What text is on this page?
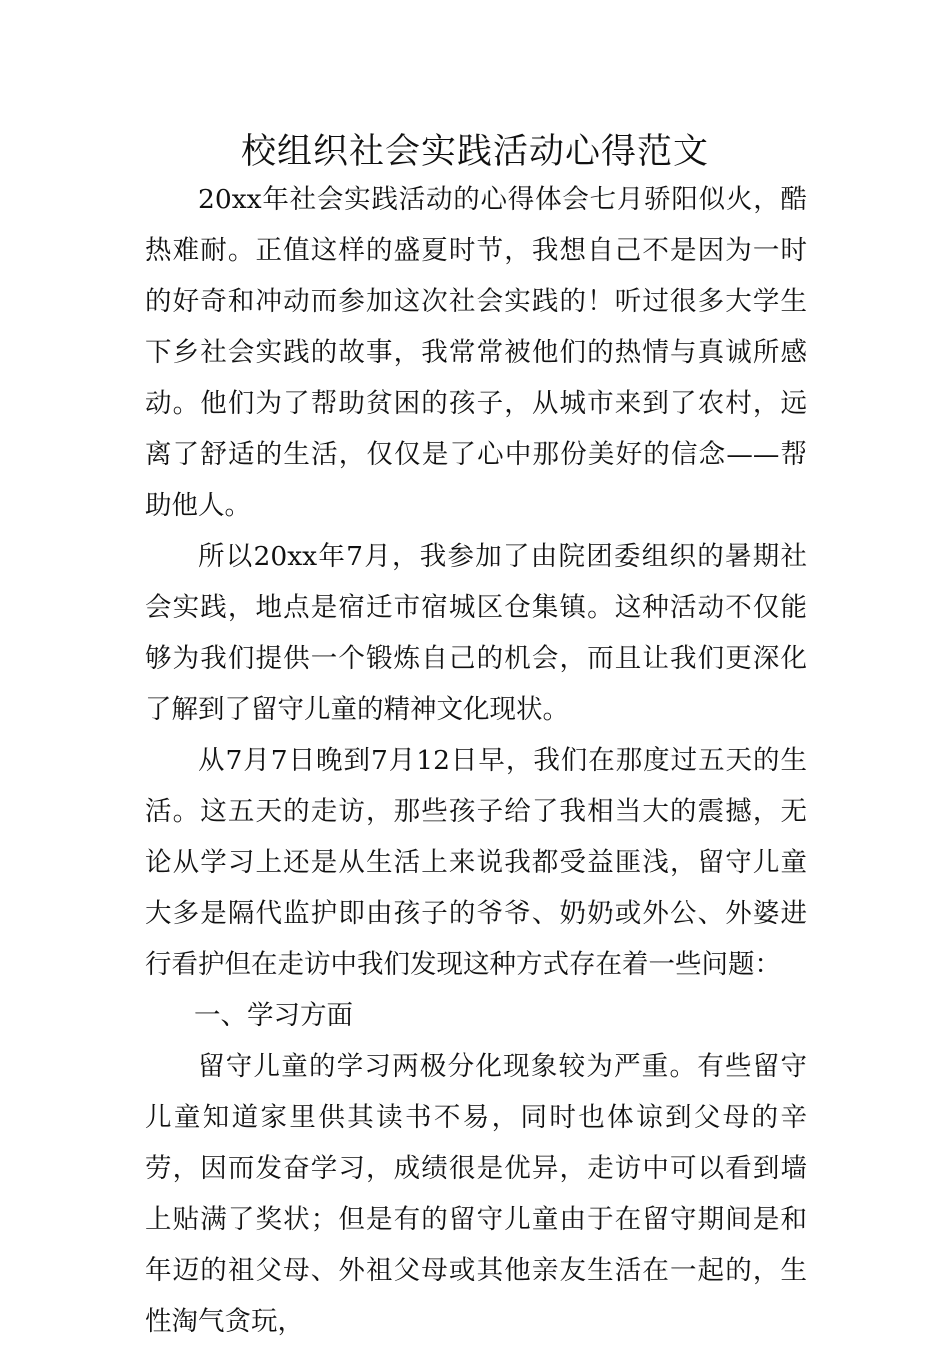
校组织社会实践活动心得范文

20xx年社会实践活动的心得体会七月骄阳似火，酷热难耐。正值这样的盛夏时节，我想自己不是因为一时的好奇和冲动而参加这次社会实践的！听过很多大学生下乡社会实践的故事，我常常被他们的热情与真诚所感动。他们为了帮助贫困的孩子，从城市来到了农村，远离了舒适的生活，仅仅是了心中那份美好的信念——帮助他人。

所以20xx年7月，我参加了由院团委组织的暑期社会实践，地点是宿迁市宿城区仓集镇。这种活动不仅能够为我们提供一个锻炼自己的机会，而且让我们更深化了解到了留守儿童的精神文化现状。

从7月7日晚到7月12日早，我们在那度过五天的生活。这五天的走访，那些孩子给了我相当大的震撼，无论从学习上还是从生活上来说我都受益匪浅，留守儿童大多是隔代监护即由孩子的爷爷、奶奶或外公、外婆进行看护但在走访中我们发现这种方式存在着一些问题：

一、学习方面

留守儿童的学习两极分化现象较为严重。有些留守儿童知道家里供其读书不易，同时也体谅到父母的辛劳，因而发奋学习，成绩很是优异，走访中可以看到墙上贴满了奖状；但是有的留守儿童由于在留守期间是和年迈的祖父母、外祖父母或其他亲友生活在一起的，生性淘气贪玩，
